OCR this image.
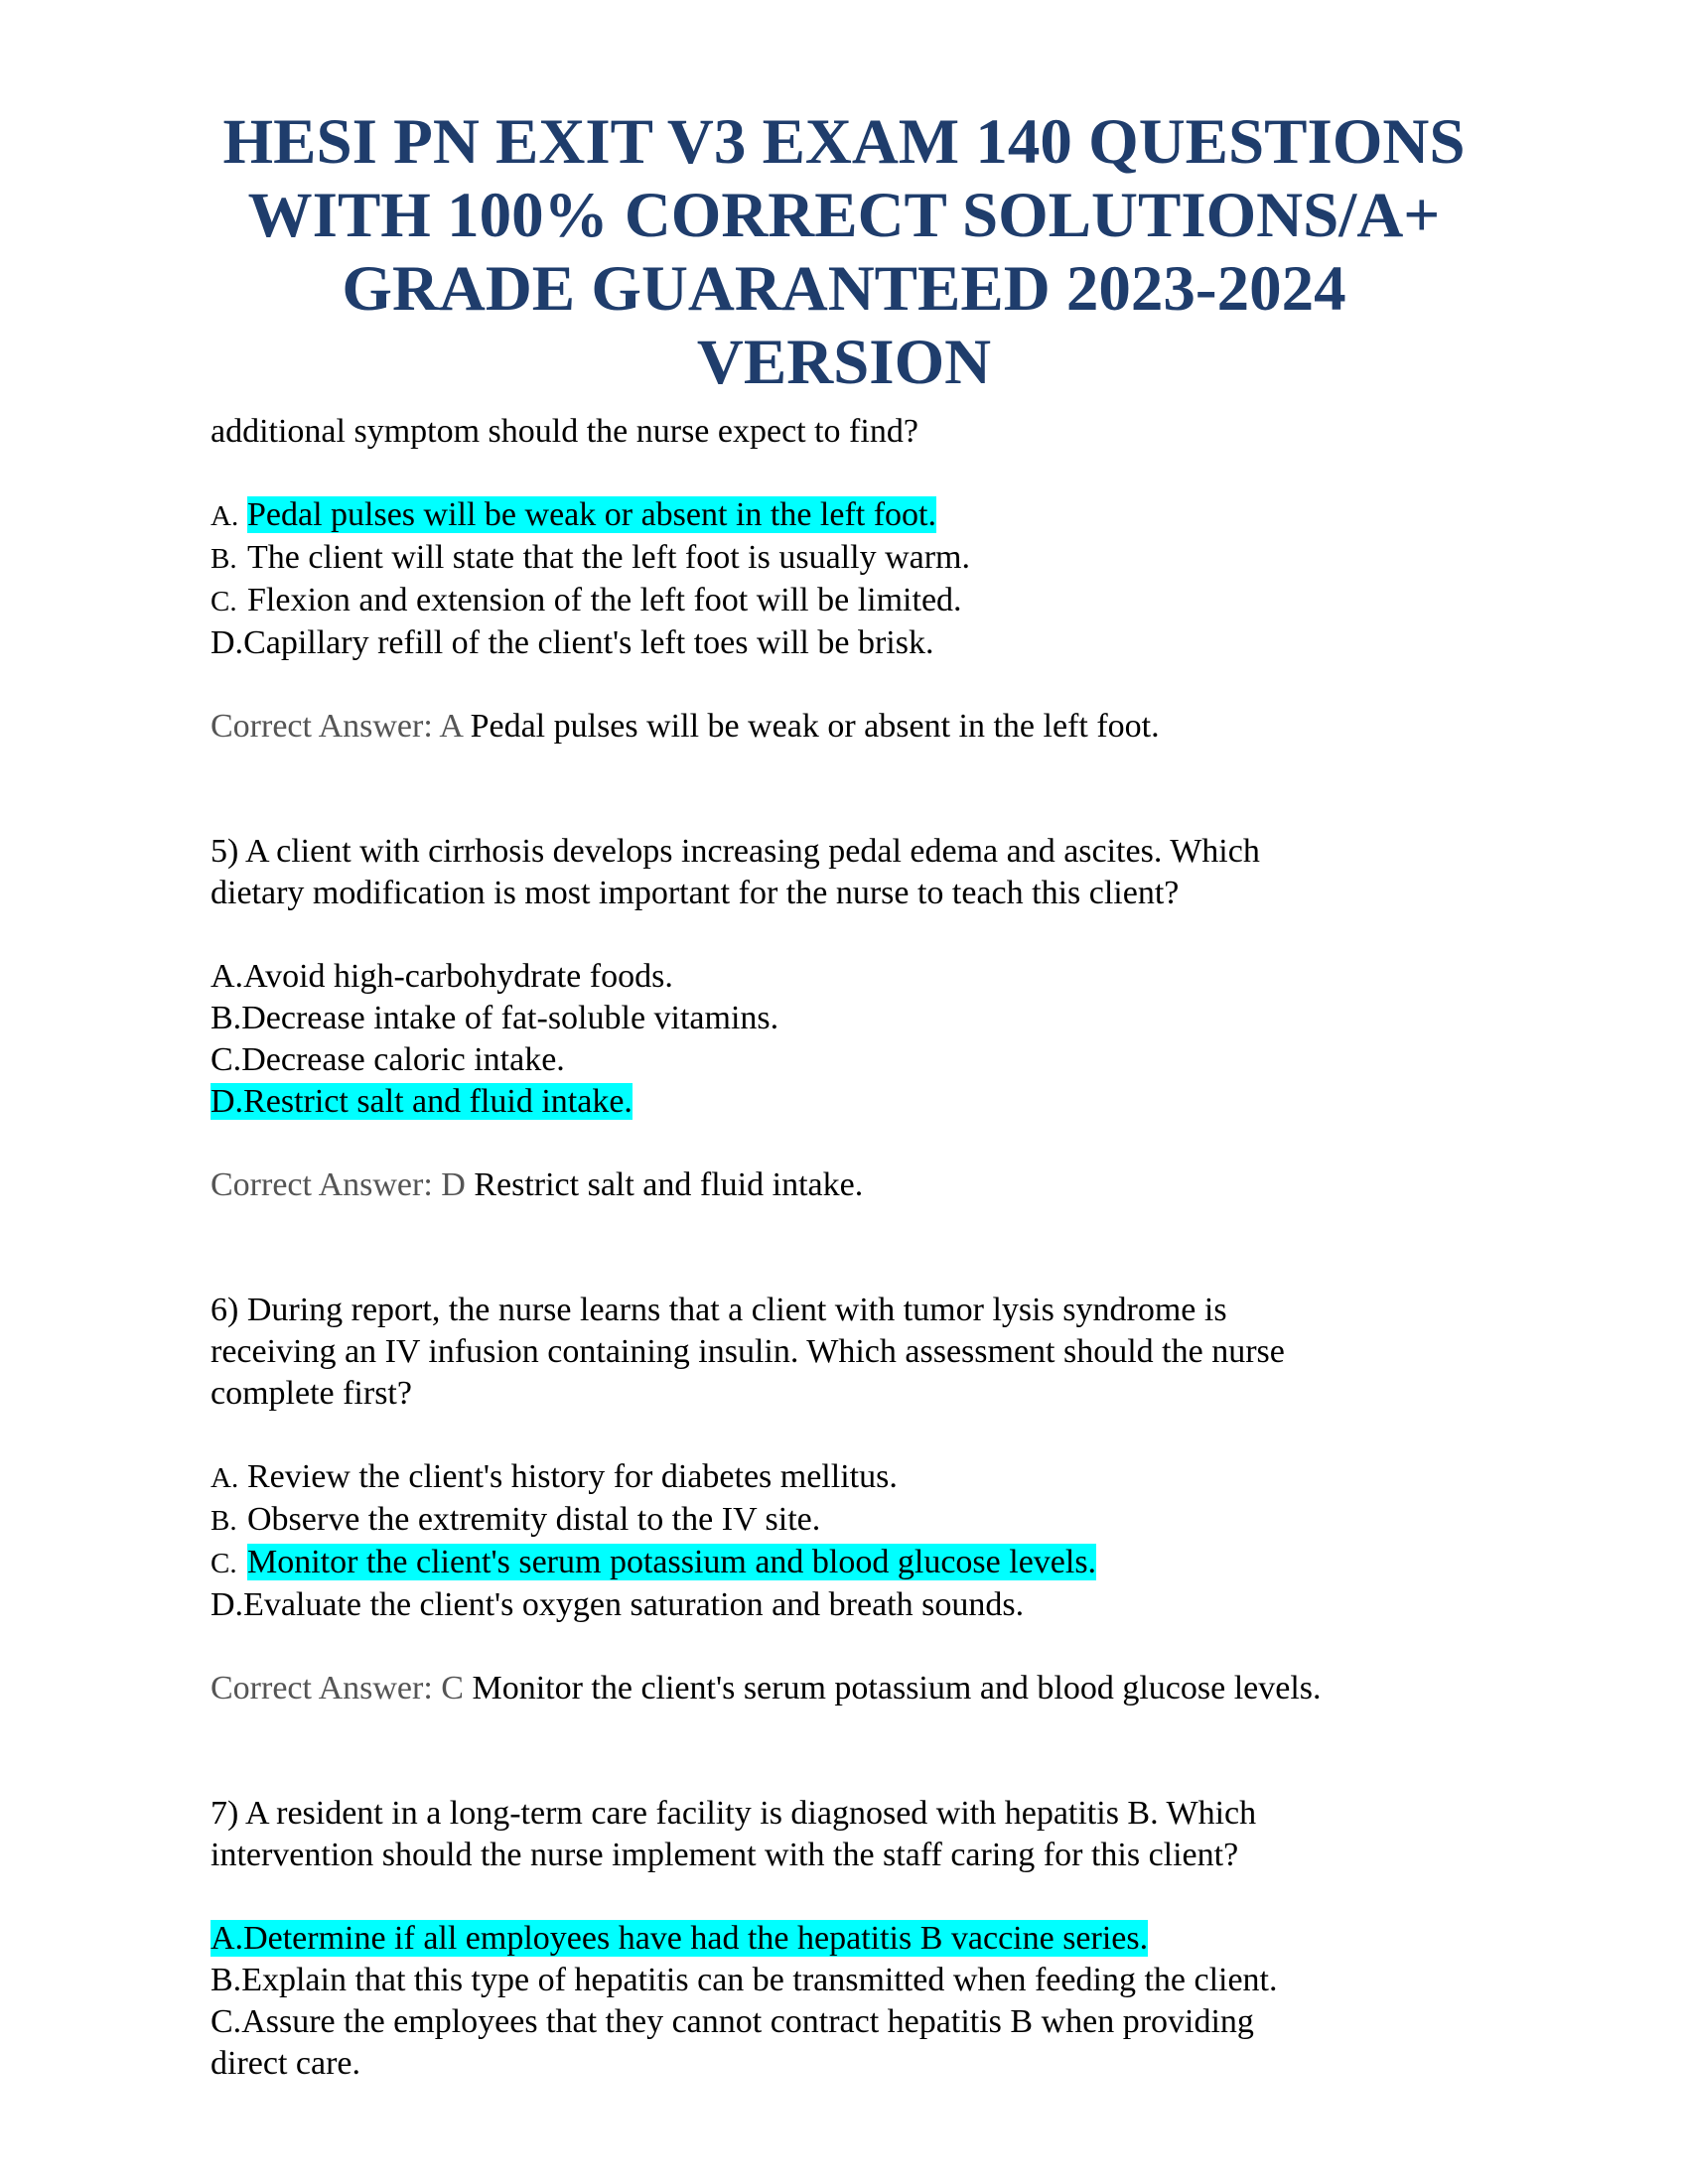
HESI PN EXIT V3 EXAM 140 QUESTIONS
WITH 100% CORRECT SOLUTIONS/A+
GRADE GUARANTEED 2023-2024
VERSION
additional symptom should the nurse expect to find?
A. Pedal pulses will be weak or absent in the left foot.
B. The client will state that the left foot is usually warm.
C. Flexion and extension of the left foot will be limited.
D.Capillary refill of the client's left toes will be brisk.
Correct Answer: A Pedal pulses will be weak or absent in the left foot.
5) A client with cirrhosis develops increasing pedal edema and ascites. Which
dietary modification is most important for the nurse to teach this client?
A.Avoid high-carbohydrate foods.
B.Decrease intake of fat-soluble vitamins.
C.Decrease caloric intake.
D.Restrict salt and fluid intake.
Correct Answer: D Restrict salt and fluid intake.
6) During report, the nurse learns that a client with tumor lysis syndrome is
receiving an IV infusion containing insulin. Which assessment should the nurse
complete first?
A. Review the client's history for diabetes mellitus.
B. Observe the extremity distal to the IV site.
C. Monitor the client's serum potassium and blood glucose levels.
D.Evaluate the client's oxygen saturation and breath sounds.
Correct Answer: C Monitor the client's serum potassium and blood glucose levels.
7) A resident in a long-term care facility is diagnosed with hepatitis B. Which
intervention should the nurse implement with the staff caring for this client?
A.Determine if all employees have had the hepatitis B vaccine series.
B.Explain that this type of hepatitis can be transmitted when feeding the client.
C.Assure the employees that they cannot contract hepatitis B when providing
direct care.
